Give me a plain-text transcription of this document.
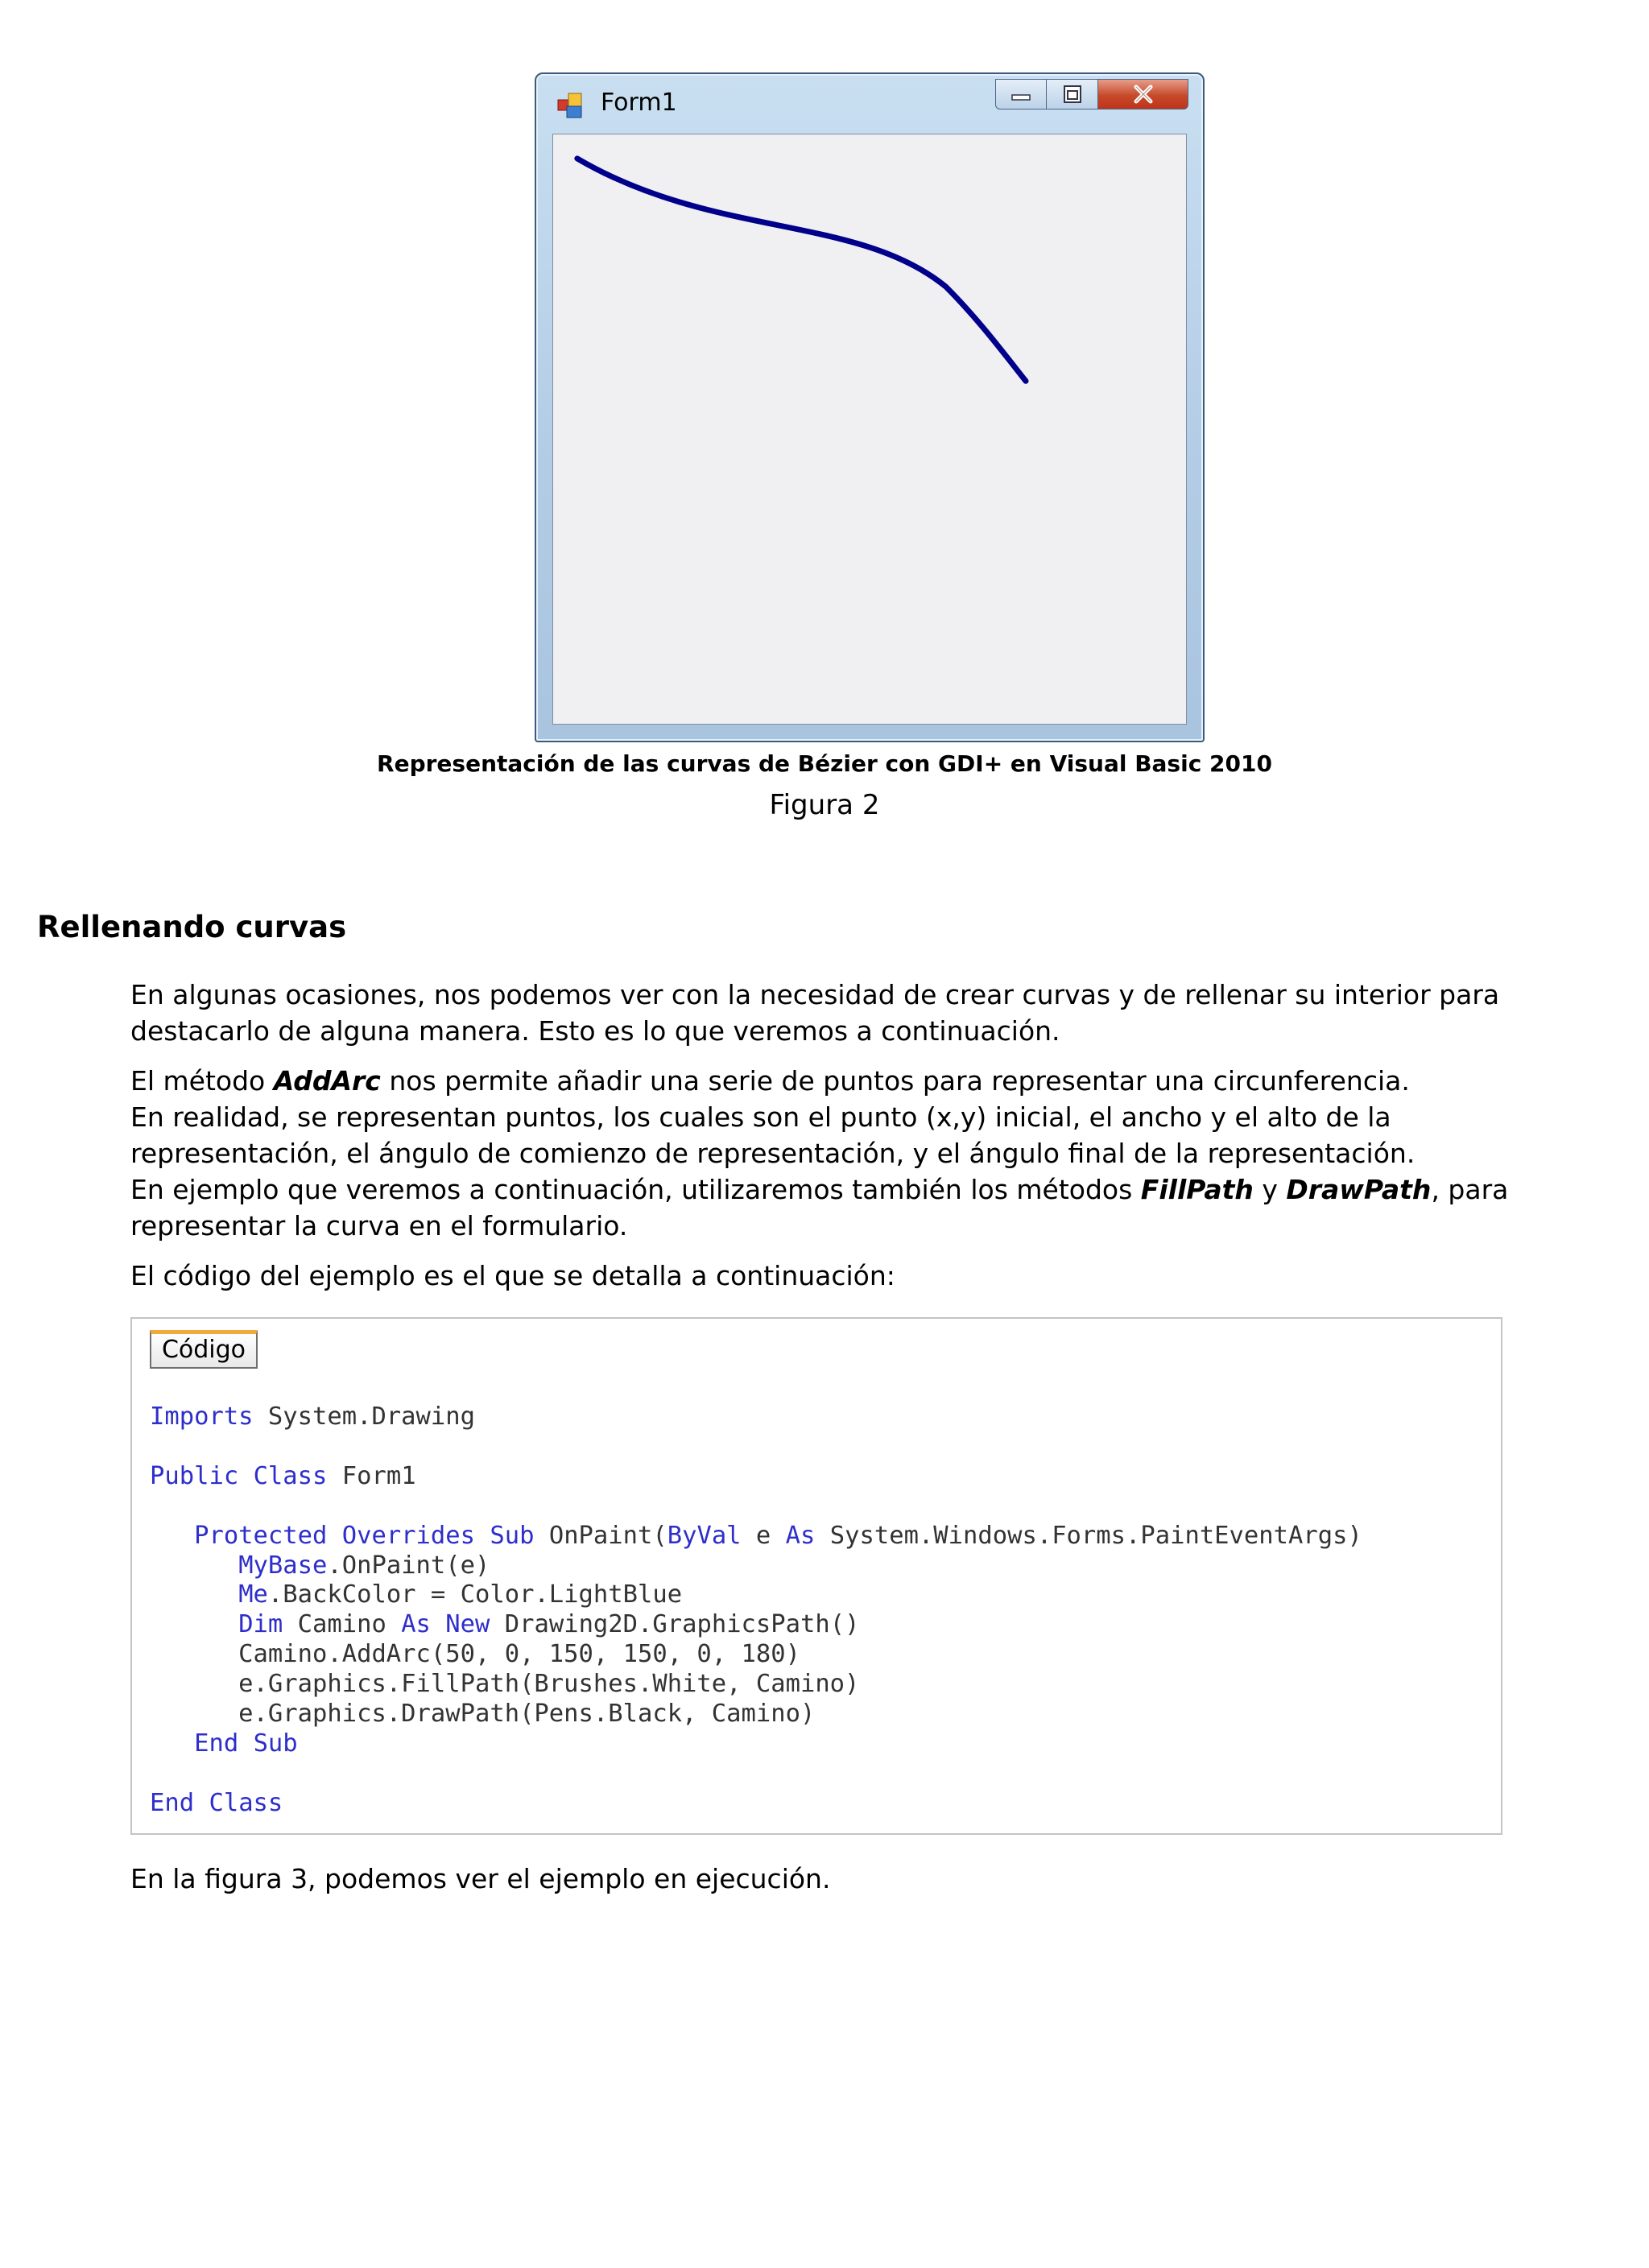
Form1
Representación de las curvas de Bézier con GDI+ en Visual Basic 2010
Figura 2
Rellenando curvas

En algunas ocasiones, nos podemos ver con la necesidad de crear curvas y de rellenar su interior para destacarlo de alguna manera. Esto es lo que veremos a continuación.

El método AddArc nos permite añadir una serie de puntos para representar una circunferencia.
En realidad, se representan puntos, los cuales son el punto (x,y) inicial, el ancho y el alto de la representación, el ángulo de comienzo de representación, y el ángulo final de la representación.
En ejemplo que veremos a continuación, utilizaremos también los métodos FillPath y DrawPath, para representar la curva en el formulario.

El código del ejemplo es el que se detalla a continuación:

Código
Imports System.Drawing

Public Class Form1

Protected Overrides Sub OnPaint(ByVal e As System.Windows.Forms.PaintEventArgs)
MyBase.OnPaint(e)
Me.BackColor = Color.LightBlue
Dim Camino As New Drawing2D.GraphicsPath()
Camino.AddArc(50, 0, 150, 150, 0, 180)
e.Graphics.FillPath(Brushes.White, Camino)
e.Graphics.DrawPath(Pens.Black, Camino)
End Sub

End Class

En la figura 3, podemos ver el ejemplo en ejecución.
